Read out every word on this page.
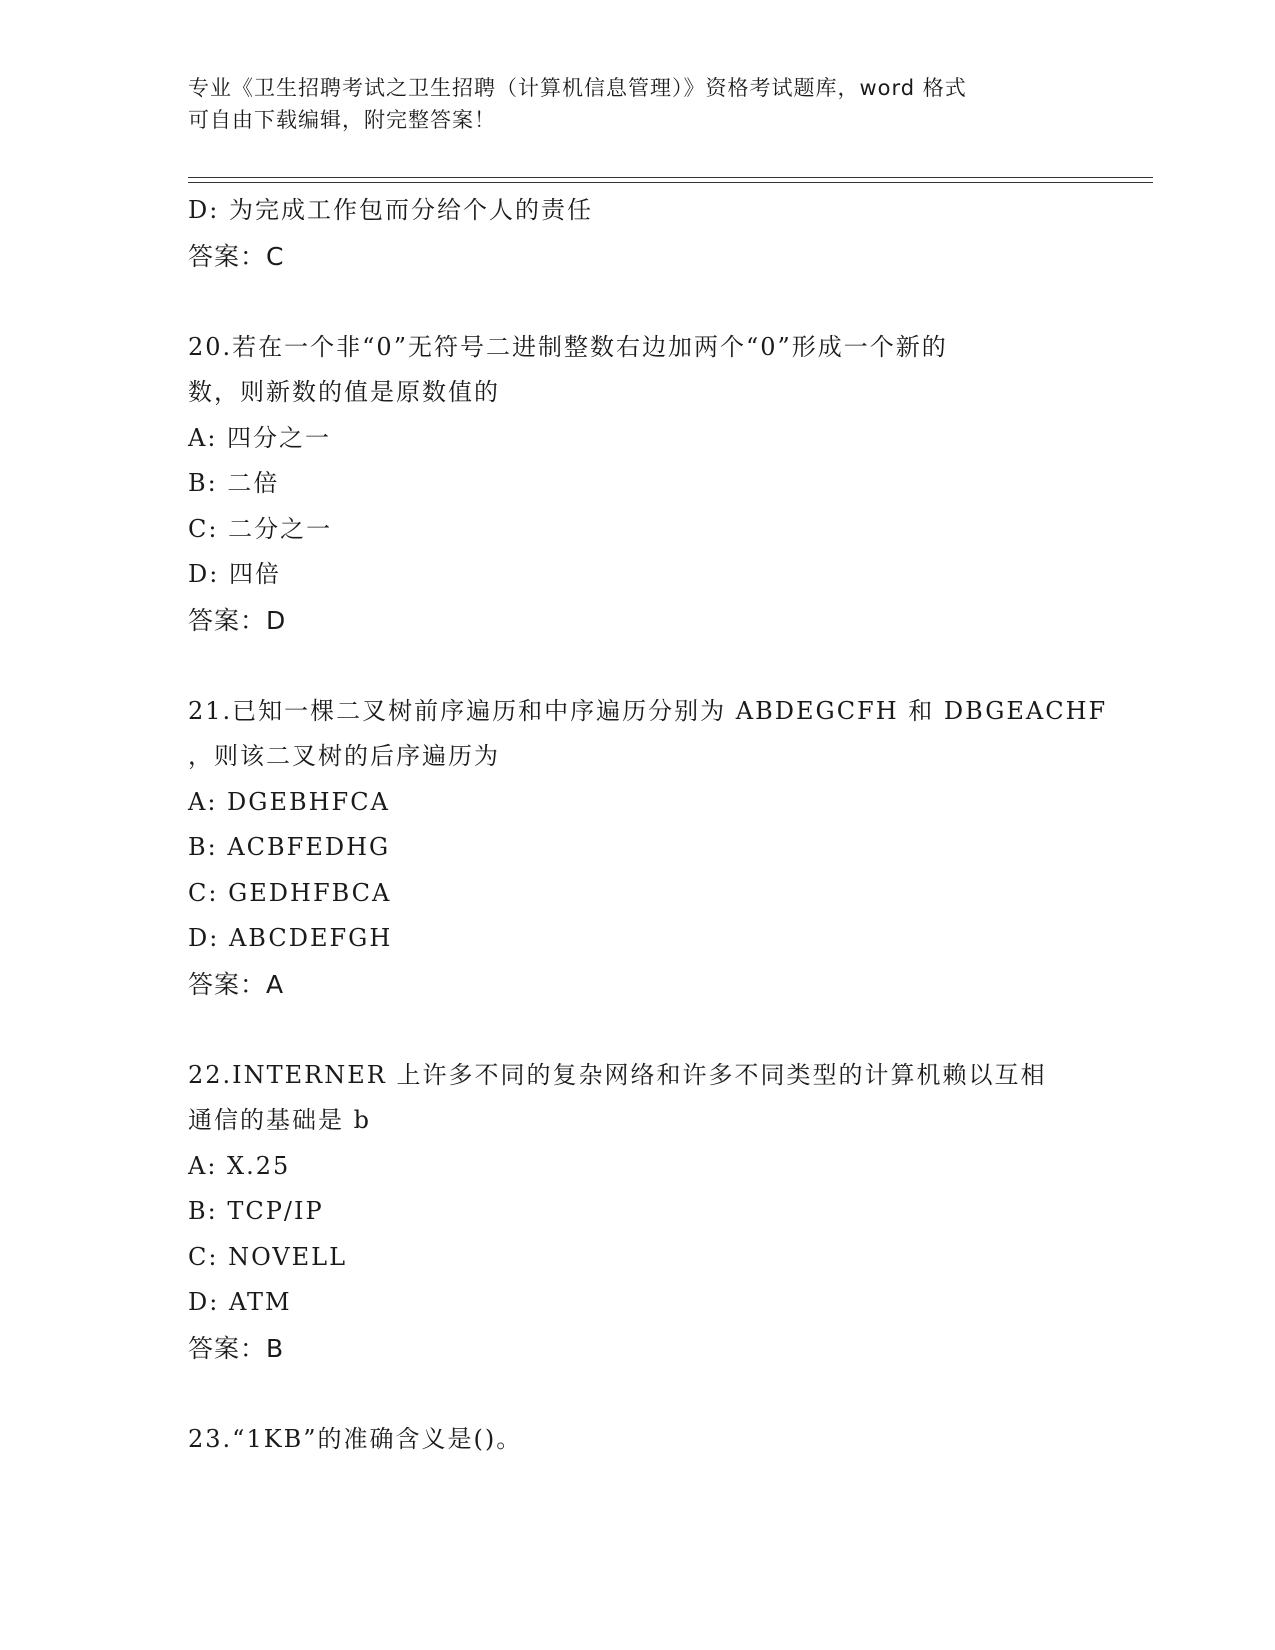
专业《卫生招聘考试之卫生招聘（计算机信息管理）》资格考试题库，word 格式
可自由下载编辑，附完整答案！
D: 为完成工作包而分给个人的责任
答案：C
20.若在一个非“0”无符号二进制整数右边加两个“0”形成一个新的
数，则新数的值是原数值的
A: 四分之一
B: 二倍
C: 二分之一
D: 四倍
答案：D
21.已知一棵二叉树前序遍历和中序遍历分别为 ABDEGCFH 和 DBGEACHF
，则该二叉树的后序遍历为
A: DGEBHFCA
B: ACBFEDHG
C: GEDHFBCA
D: ABCDEFGH
答案：A
22.INTERNER 上许多不同的复杂网络和许多不同类型的计算机赖以互相
通信的基础是 b
A: X.25
B: TCP/IP
C: NOVELL
D: ATM
答案：B
23.“1KB”的准确含义是()。
